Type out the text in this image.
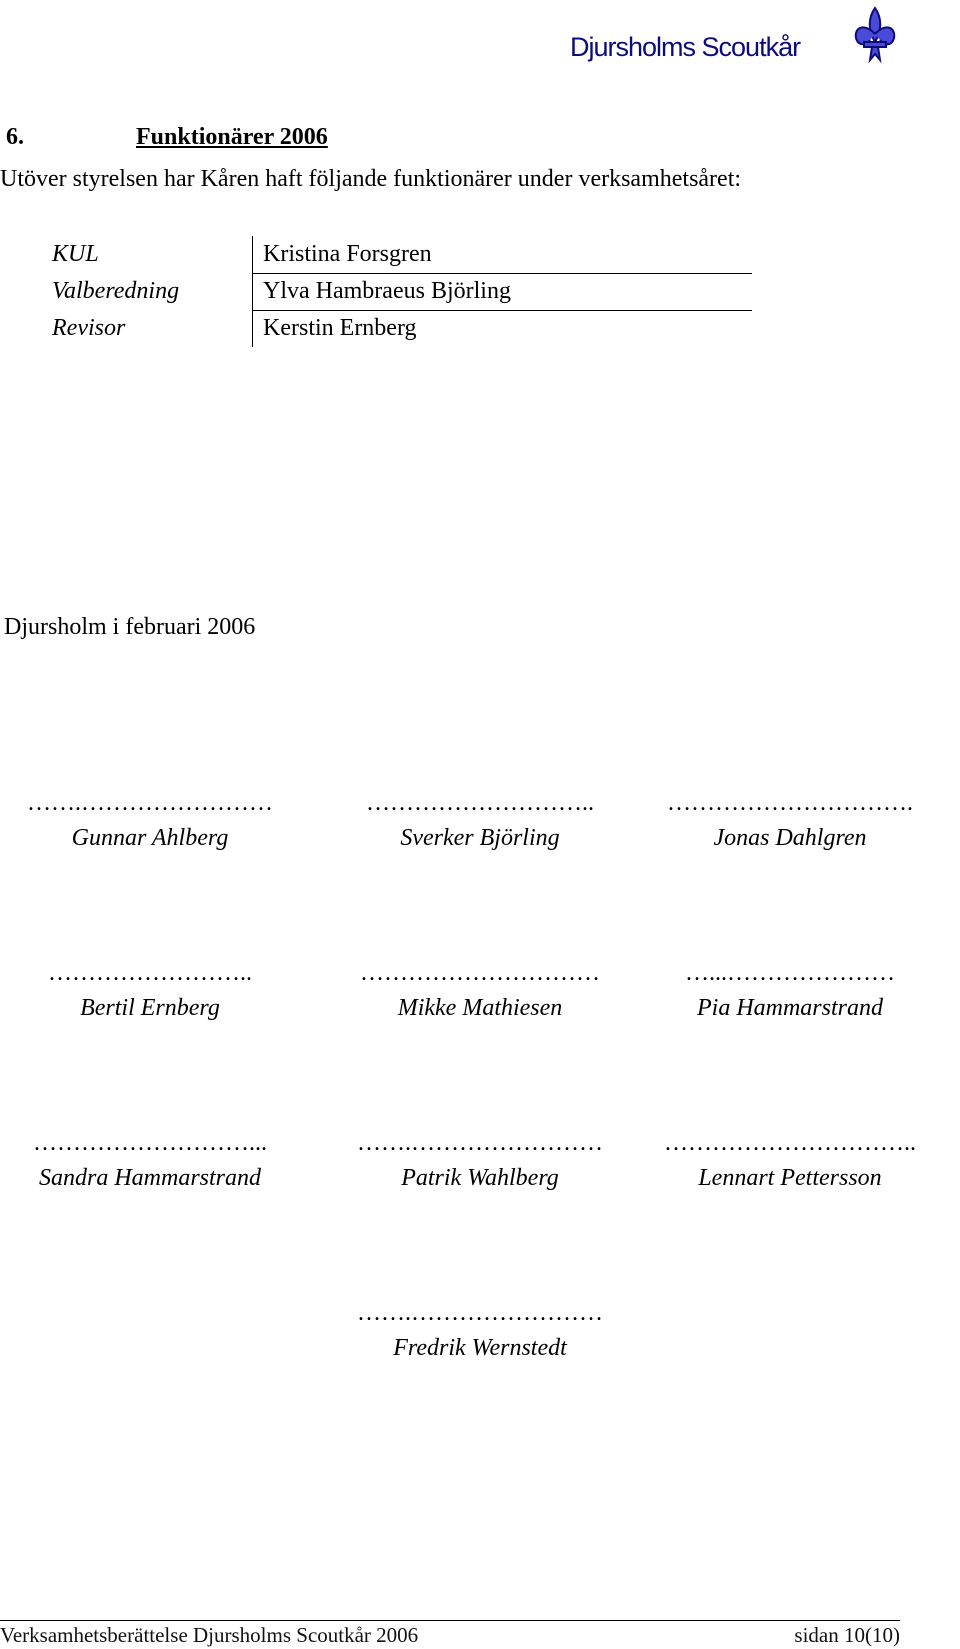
Djursholms Scoutkår
6.	Funktionärer 2006
Utöver styrelsen har Kåren haft följande funktionärer under verksamhetsåret:
KUL	Kristina Forsgren
Valberedning	Ylva Hambraeus Björling
Revisor	Kerstin Ernberg
Djursholm i februari 2006
…….……………………
Gunnar Ahlberg
………………………..
Sverker Björling
………………………….
Jonas Dahlgren
……………………..
Bertil Ernberg
…………………………
Mikke Mathiesen
…...…………………
Pia Hammarstrand
………………………...
Sandra Hammarstrand
…….……………………
Patrik Wahlberg
…………………………..
Lennart Pettersson
…….……………………
Fredrik Wernstedt
Verksamhetsberättelse Djursholms Scoutkår 2006	sidan 10(10)
